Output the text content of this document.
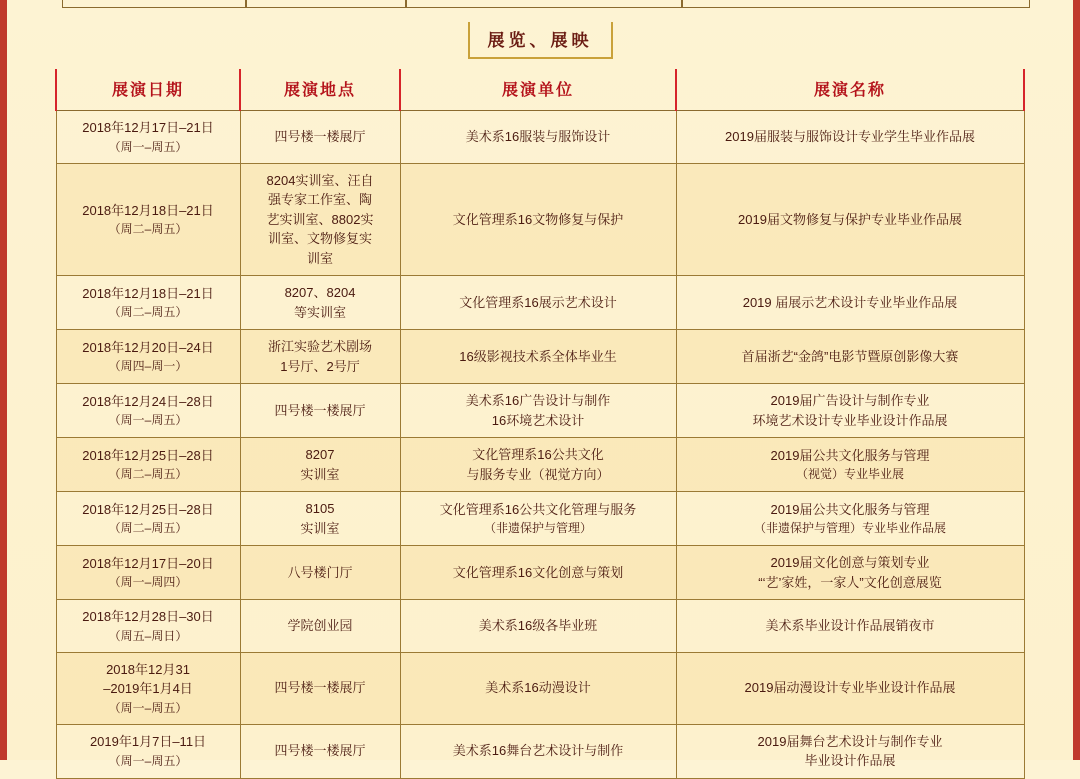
展览、展映
展演日期	展演地点	展演单位	展演名称

2018年12月17日–21日
（周一–周五）	四号楼一楼展厅	美术系16服装与服饰设计	2019届服装与服饰设计专业学生毕业作品展

2018年12月18日–21日
（周二–周五）	8204实训室、汪自
强专家工作室、陶
艺实训室、8802实
训室、文物修复实
训室	文化管理系16文物修复与保护	2019届文物修复与保护专业毕业作品展

2018年12月18日–21日
（周二–周五）	8207、8204
等实训室	文化管理系16展示艺术设计	2019 届展示艺术设计专业毕业作品展

2018年12月20日–24日
（周四–周一）	浙江实验艺术剧场
1号厅、2号厅	16级影视技术系全体毕业生	首届浙艺“金鸽”电影节暨原创影像大赛

2018年12月24日–28日
（周一–周五）	四号楼一楼展厅	美术系16广告设计与制作
16环境艺术设计	2019届广告设计与制作专业
环境艺术设计专业毕业设计作品展

2018年12月25日–28日
（周二–周五）	8207
实训室	文化管理系16公共文化
与服务专业（视觉方向）	2019届公共文化服务与管理
（视觉）专业毕业展

2018年12月25日–28日
（周二–周五）	8105
实训室	文化管理系16公共文化管理与服务
（非遗保护与管理）	2019届公共文化服务与管理
（非遗保护与管理）专业毕业作品展

2018年12月17日–20日
（周一–周四）	八号楼门厅	文化管理系16文化创意与策划	2019届文化创意与策划专业
“‘艺’家姓，一家人”文化创意展览

2018年12月28日–30日
（周五–周日）	学院创业园	美术系16级各毕业班	美术系毕业设计作品展销夜市

2018年12月31
–2019年1月4日
（周一–周五）	四号楼一楼展厅	美术系16动漫设计	2019届动漫设计专业毕业设计作品展

2019年1月7日–11日
（周一–周五）	四号楼一楼展厅	美术系16舞台艺术设计与制作	2019届舞台艺术设计与制作专业
毕业设计作品展
